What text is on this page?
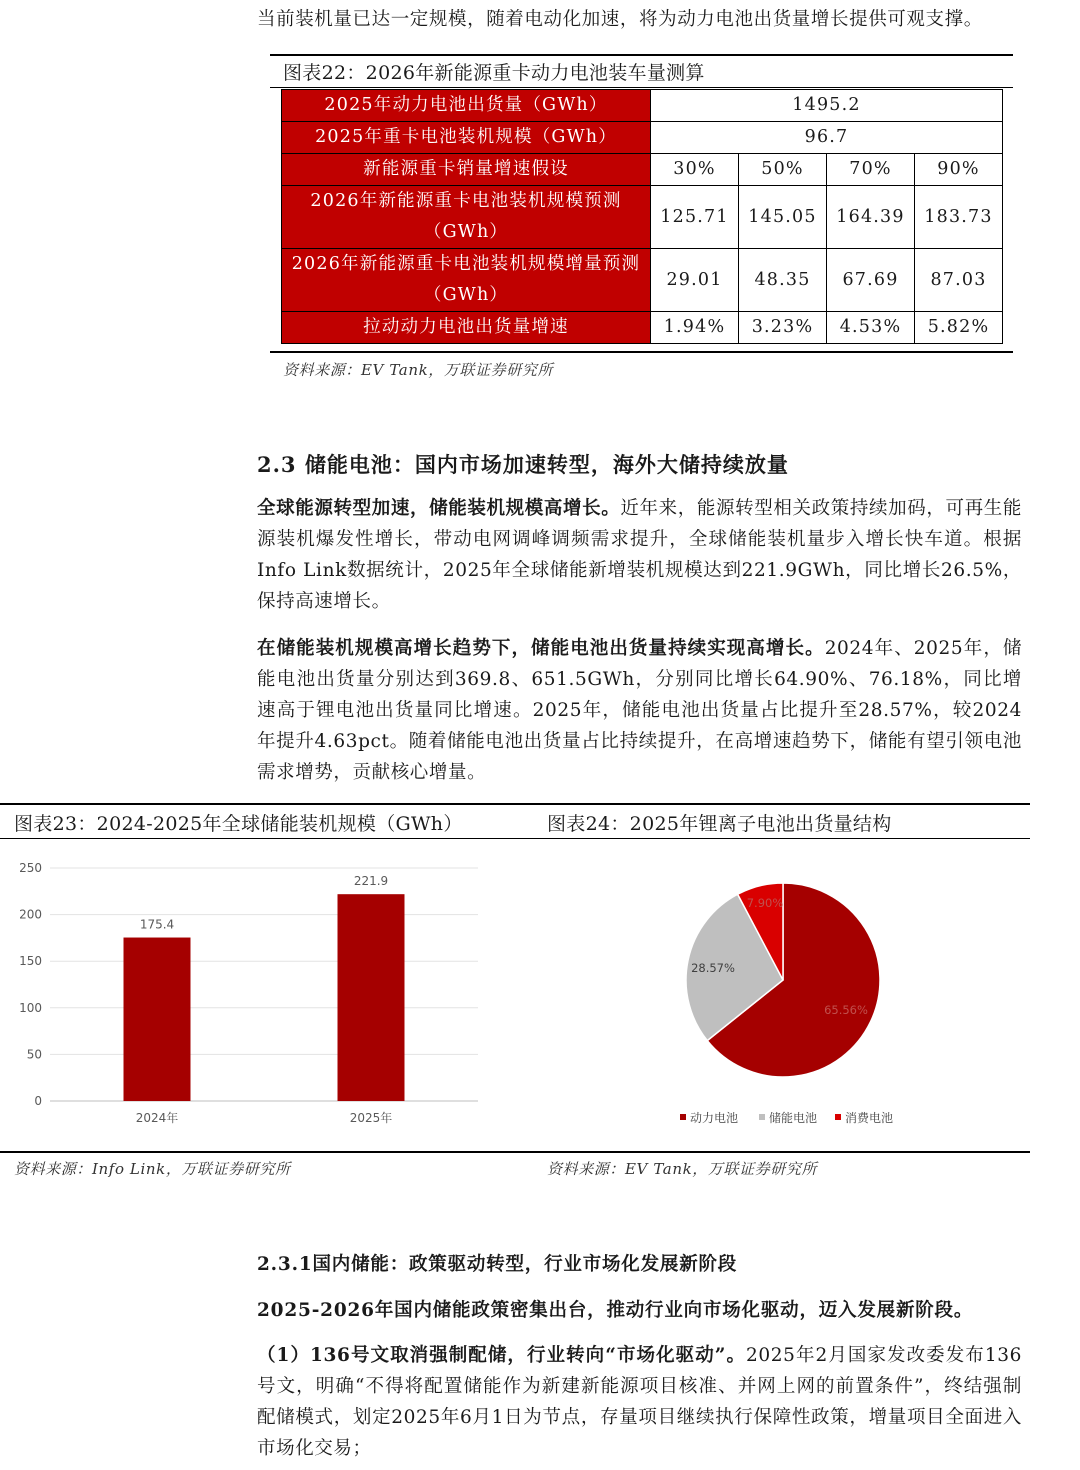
当前装机量已达一定规模，随着电动化加速，将为动力电池出货量增长提供可观支撑。

图表22：2026年新能源重卡动力电池装车量测算
2025年动力电池出货量（GWh）	1495.2			
2025年重卡电池装机规模（GWh）	96.7			
新能源重卡销量增速假设	30%	50%	70%	90%
2026年新能源重卡电池装机规模预测（GWh）	125.71	145.05	164.39	183.73
2026年新能源重卡电池装机规模增量预测（GWh）	29.01	48.35	67.69	87.03
拉动动力电池出货量增速	1.94%	3.23%	4.53%	5.82%
资料来源：EV Tank，万联证券研究所
2.3 储能电池：国内市场加速转型，海外大储持续放量

全球能源转型加速，储能装机规模高增长。近年来，能源转型相关政策持续加码，可再生能源装机爆发性增长，带动电网调峰调频需求提升，全球储能装机量步入增长快车道。根据Info Link数据统计，2025年全球储能新增装机规模达到221.9GWh，同比增长26.5%，保持高速增长。

在储能装机规模高增长趋势下，储能电池出货量持续实现高增长。2024年、2025年，储能电池出货量分别达到369.8、651.5GWh，分别同比增长64.90%、76.18%，同比增速高于锂电池出货量同比增速。2025年，储能电池出货量占比提升至28.57%，较2024年提升4.63pct。随着储能电池出货量占比持续提升，在高增速趋势下，储能有望引领电池需求增势，贡献核心增量。

图表23：2024-2025年全球储能装机规模（GWh）	图表24：2025年锂离子电池出货量结构
0
50
100
150
200
250
175.4
2024年
221.9
2025年
65.56%
28.57%
7.90%
动力电池	储能电池 消费电池
资料来源：Info Link，万联证券研究所	资料来源：EV Tank，万联证券研究所
2.3.1国内储能：政策驱动转型，行业市场化发展新阶段
2025-2026年国内储能政策密集出台，推动行业向市场化驱动，迈入发展新阶段。

（1）136号文取消强制配储，行业转向“市场化驱动”。2025年2月国家发改委发布136号文，明确“不得将配置储能作为新建新能源项目核准、并网上网的前置条件”，终结强制配储模式，划定2025年6月1日为节点，存量项目继续执行保障性政策，增量项目全面进入市场化交易；
